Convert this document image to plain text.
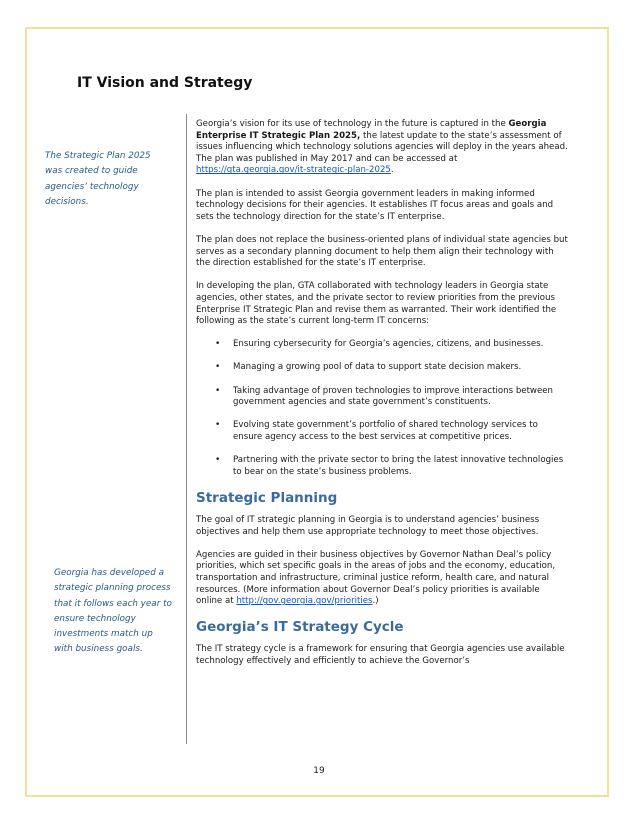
IT Vision and Strategy

The Strategic Plan 2025 was created to guide agencies’ technology decisions.

Georgia has developed a strategic planning process that it follows each year to ensure technology investments match up with business goals.

Georgia’s vision for its use of technology in the future is captured in the Georgia Enterprise IT Strategic Plan 2025, the latest update to the state’s assessment of issues influencing which technology solutions agencies will deploy in the years ahead. The plan was published in May 2017 and can be accessed at https://gta.georgia.gov/it-strategic-plan-2025.

The plan is intended to assist Georgia government leaders in making informed technology decisions for their agencies. It establishes IT focus areas and goals and sets the technology direction for the state’s IT enterprise.

The plan does not replace the business-oriented plans of individual state agencies but serves as a secondary planning document to help them align their technology with the direction established for the state’s IT enterprise.

In developing the plan, GTA collaborated with technology leaders in Georgia state agencies, other states, and the private sector to review priorities from the previous Enterprise IT Strategic Plan and revise them as warranted. Their work identified the following as the state’s current long-term IT concerns:

• Ensuring cybersecurity for Georgia’s agencies, citizens, and businesses.
• Managing a growing pool of data to support state decision makers.
• Taking advantage of proven technologies to improve interactions between government agencies and state government’s constituents.
• Evolving state government’s portfolio of shared technology services to ensure agency access to the best services at competitive prices.
• Partnering with the private sector to bring the latest innovative technologies to bear on the state’s business problems.
Strategic Planning

The goal of IT strategic planning in Georgia is to understand agencies’ business objectives and help them use appropriate technology to meet those objectives.

Agencies are guided in their business objectives by Governor Nathan Deal’s policy priorities, which set specific goals in the areas of jobs and the economy, education, transportation and infrastructure, criminal justice reform, health care, and natural resources. (More information about Governor Deal’s policy priorities is available online at http://gov.georgia.gov/priorities.)

Georgia’s IT Strategy Cycle

The IT strategy cycle is a framework for ensuring that Georgia agencies use available technology effectively and efficiently to achieve the Governor’s

19
